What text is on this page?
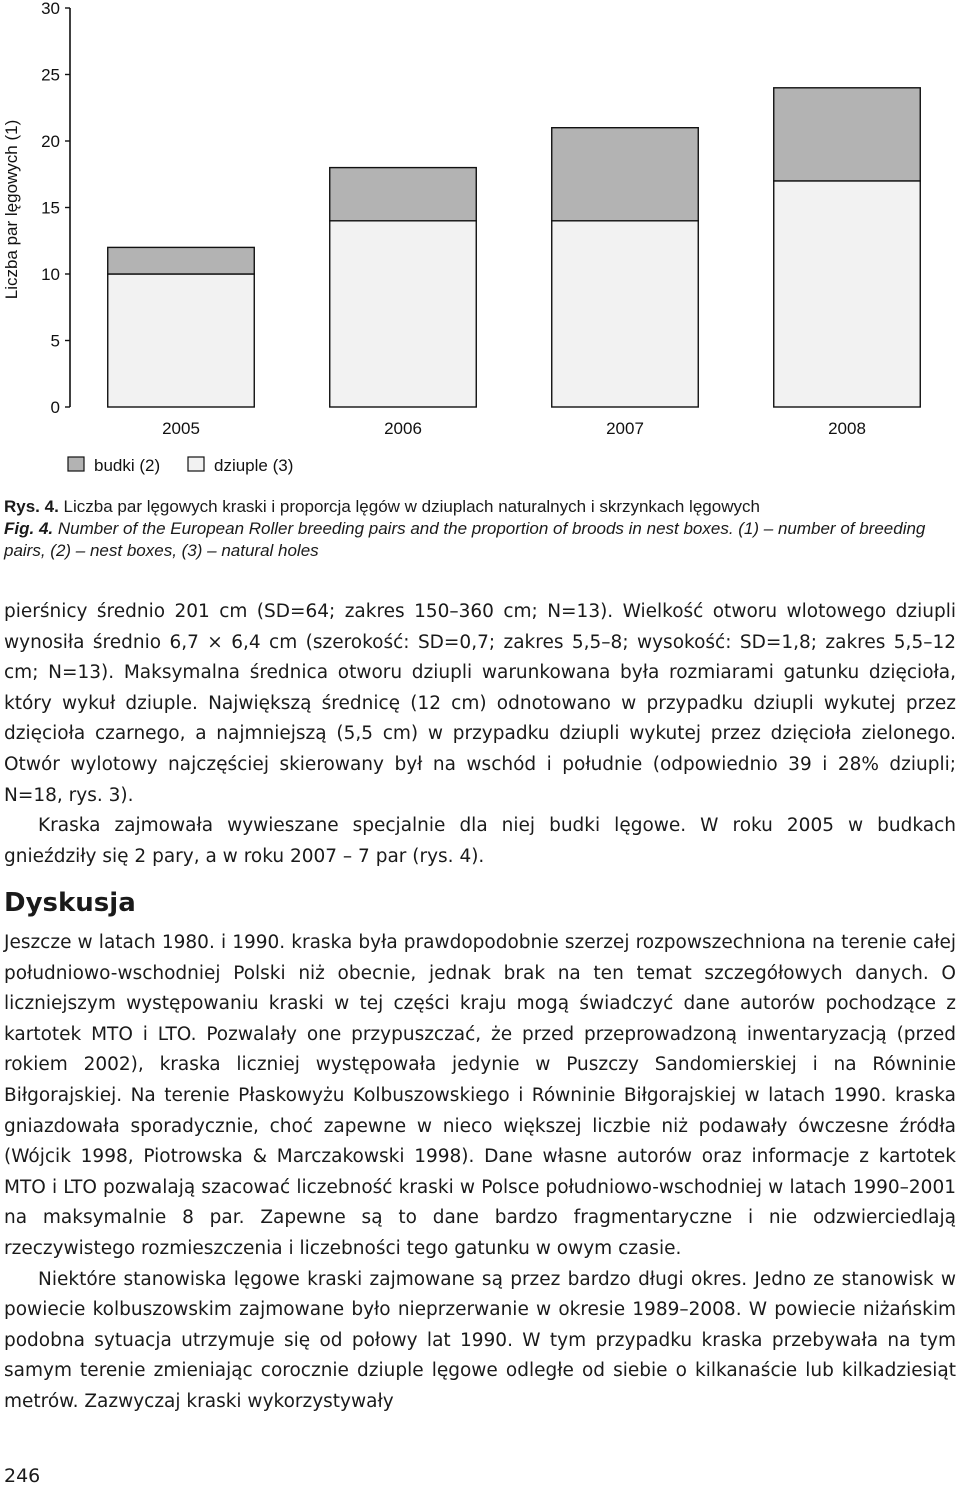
0
5
10
15
20
25
30
Liczba par lęgowych (1)
2005	2006	2007	2008
budki (2)	dziuple (3)
Rys. 4. Liczba par lęgowych kraski i proporcja lęgów w dziuplach naturalnych i skrzynkach lęgowych
Fig. 4. Number of the European Roller breeding pairs and the proportion of broods in nest boxes. (1) – number of breeding pairs, (2) – nest boxes, (3) – natural holes

pierśnicy średnio 201 cm (SD=64; zakres 150–360 cm; N=13). Wielkość otworu wlotowego dziupli wynosiła średnio 6,7 × 6,4 cm (szerokość: SD=0,7; zakres 5,5–8; wysokość: SD=1,8; zakres 5,5–12 cm; N=13). Maksymalna średnica otworu dziupli warunkowana była rozmiarami gatunku dzięcioła, który wykuł dziuple. Największą średnicę (12 cm) odnotowano w przypadku dziupli wykutej przez dzięcioła czarnego, a najmniejszą (5,5 cm) w przypadku dziupli wykutej przez dzięcioła zielonego. Otwór wylotowy najczęściej skierowany był na wschód i południe (odpowiednio 39 i 28% dziupli; N=18, rys. 3).

Kraska zajmowała wywieszane specjalnie dla niej budki lęgowe. W roku 2005 w budkach gnieździły się 2 pary, a w roku 2007 – 7 par (rys. 4).

Dyskusja

Jeszcze w latach 1980. i 1990. kraska była prawdopodobnie szerzej rozpowszechniona na terenie całej południowo-wschodniej Polski niż obecnie, jednak brak na ten temat szczegółowych danych. O liczniejszym występowaniu kraski w tej części kraju mogą świadczyć dane autorów pochodzące z kartotek MTO i LTO. Pozwalały one przypuszczać, że przed przeprowadzoną inwentaryzacją (przed rokiem 2002), kraska liczniej występowała jedynie w Puszczy Sandomierskiej i na Równinie Biłgorajskiej. Na terenie Płaskowyżu Kolbuszowskiego i Równinie Biłgorajskiej w latach 1990. kraska gniazdowała sporadycznie, choć zapewne w nieco większej liczbie niż podawały ówczesne źródła (Wójcik 1998, Piotrowska & Marczakowski 1998). Dane własne autorów oraz informacje z kartotek MTO i LTO pozwalają szacować liczebność kraski w Polsce południowo-wschodniej w latach 1990–2001 na maksymalnie 8 par. Zapewne są to dane bardzo fragmentaryczne i nie odzwierciedlają rzeczywistego rozmieszczenia i liczebności tego gatunku w owym czasie.

Niektóre stanowiska lęgowe kraski zajmowane są przez bardzo długi okres. Jedno ze stanowisk w powiecie kolbuszowskim zajmowane było nieprzerwanie w okresie 1989–2008. W powiecie niżańskim podobna sytuacja utrzymuje się od połowy lat 1990. W tym przypadku kraska przebywała na tym samym terenie zmieniając corocznie dziuple lęgowe odległe od siebie o kilkanaście lub kilkadziesiąt metrów. Zazwyczaj kraski wykorzystywały

246
